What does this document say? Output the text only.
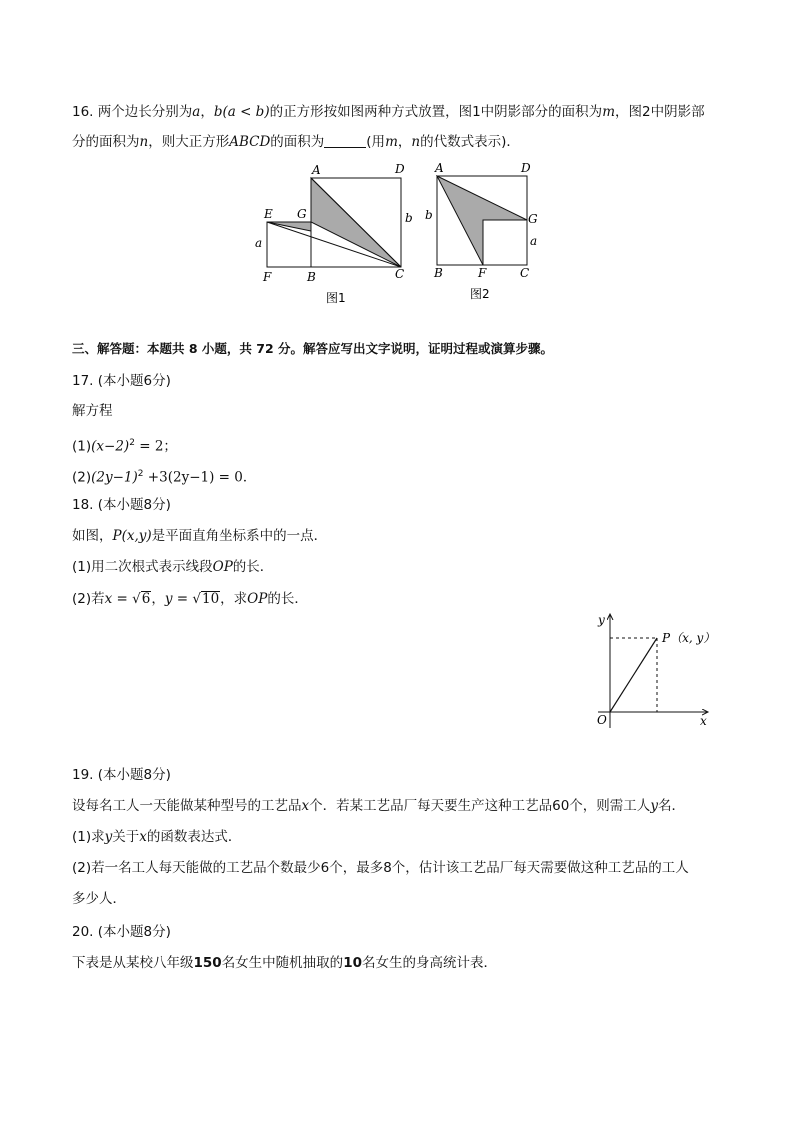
16. 两个边长分别为a，b(a < b)的正方形按如图两种方式放置，图1中阴影部分的面积为m，图2中阴影部
分的面积为n，则大正方形ABCD的面积为	(用m，n的代数式表示)．
A	D
E G	b
a
F	B	C
图1
A	D
b	G
a
B	F	C
图2
三、解答题：本题共 8 小题，共 72 分。解答应写出文字说明，证明过程或演算步骤。
17. (本小题6分)
解方程
$(1)(x-2)^2 = 2$；
$(2)(2y-1)^2 +3(2y-1) = 0$．
18. (本小题8分)
如图，P(x,y)是平面直角坐标系中的一点．
(1)用二次根式表示线段OP的长．
(2)若x = √6，y = √10，求OP的长．
y
x
O
P（x, y）
19. (本小题8分)
设每名工人一天能做某种型号的工艺品x个．若某工艺品厂每天要生产这种工艺品60个，则需工人y名．
(1)求y关于x的函数表达式．
(2)若一名工人每天能做的工艺品个数最少6个，最多8个，估计该工艺品厂每天需要做这种工艺品的工人
多少人．
20. (本小题8分)
下表是从某校八年级150名女生中随机抽取的10名女生的身高统计表．
